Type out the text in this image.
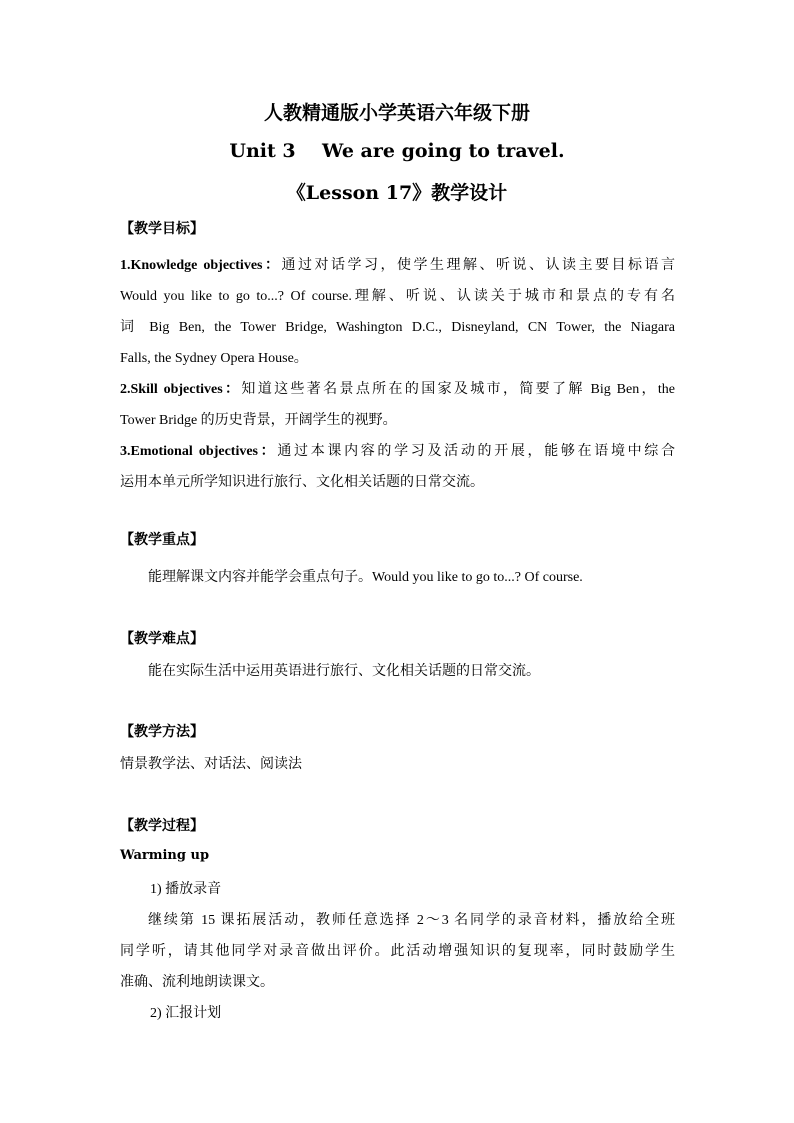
人教精通版小学英语六年级下册
Unit 3    We are going to travel.
《Lesson 17》教学设计
【教学目标】
1.Knowledge objectives：通过对话学习，使学生理解、听说、认读主要目标语言
Would you like to go to...? Of course.理解、听说、认读关于城市和景点的专有名
词 Big Ben, the Tower Bridge, Washington D.C., Disneyland, CN Tower, the Niagara
Falls, the Sydney Opera House。
2.Skill objectives：知道这些著名景点所在的国家及城市，简要了解 Big Ben，the
Tower Bridge 的历史背景，开阔学生的视野。
3.Emotional objectives：通过本课内容的学习及活动的开展，能够在语境中综合
运用本单元所学知识进行旅行、文化相关话题的日常交流。
【教学重点】
能理解课文内容并能学会重点句子。Would you like to go to...? Of course.
【教学难点】
能在实际生活中运用英语进行旅行、文化相关话题的日常交流。
【教学方法】
情景教学法、对话法、阅读法
【教学过程】
Warming up
1) 播放录音
继续第 15 课拓展活动，教师任意选择 2～3 名同学的录音材料，播放给全班
同学听，请其他同学对录音做出评价。此活动增强知识的复现率，同时鼓励学生
准确、流利地朗读课文。
2) 汇报计划
